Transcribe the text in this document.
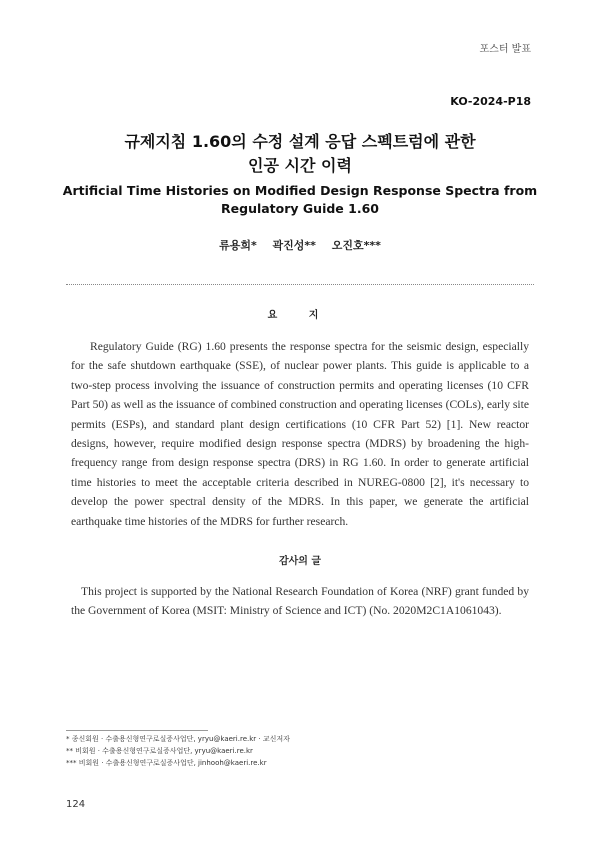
포스터 발표
KO-2024-P18
규제지침 1.60의 수정 설계 응답 스펙트럼에 관한
인공 시간 이력
Artificial Time Histories on Modified Design Response Spectra from
Regulatory Guide 1.60
류용희* 곽진성** 오진호***
요 지
Regulatory Guide (RG) 1.60 presents the response spectra for the seismic design, especially for the safe shutdown earthquake (SSE), of nuclear power plants. This guide is applicable to a two-step process involving the issuance of construction permits and operating licenses (10 CFR Part 50) as well as the issuance of combined construction and operating licenses (COLs), early site permits (ESPs), and standard plant design certifications (10 CFR Part 52) [1]. New reactor designs, however, require modified design response spectra (MDRS) by broadening the high-frequency range from design response spectra (DRS) in RG 1.60. In order to generate artificial time histories to meet the acceptable criteria described in NUREG-0800 [2], it's necessary to develop the power spectral density of the MDRS. In this paper, we generate the artificial earthquake time histories of the MDRS for further research.
감사의 글
This project is supported by the National Research Foundation of Korea (NRF) grant funded by the Government of Korea (MSIT: Ministry of Science and ICT) (No. 2020M2C1A1061043).
* 종신회원 · 수출용신형연구로실증사업단, yryu@kaeri.re.kr · 교신저자
** 비회원 · 수출용신형연구로실증사업단, yryu@kaeri.re.kr
*** 비회원 · 수출용신형연구로실증사업단, jinhooh@kaeri.re.kr
124
